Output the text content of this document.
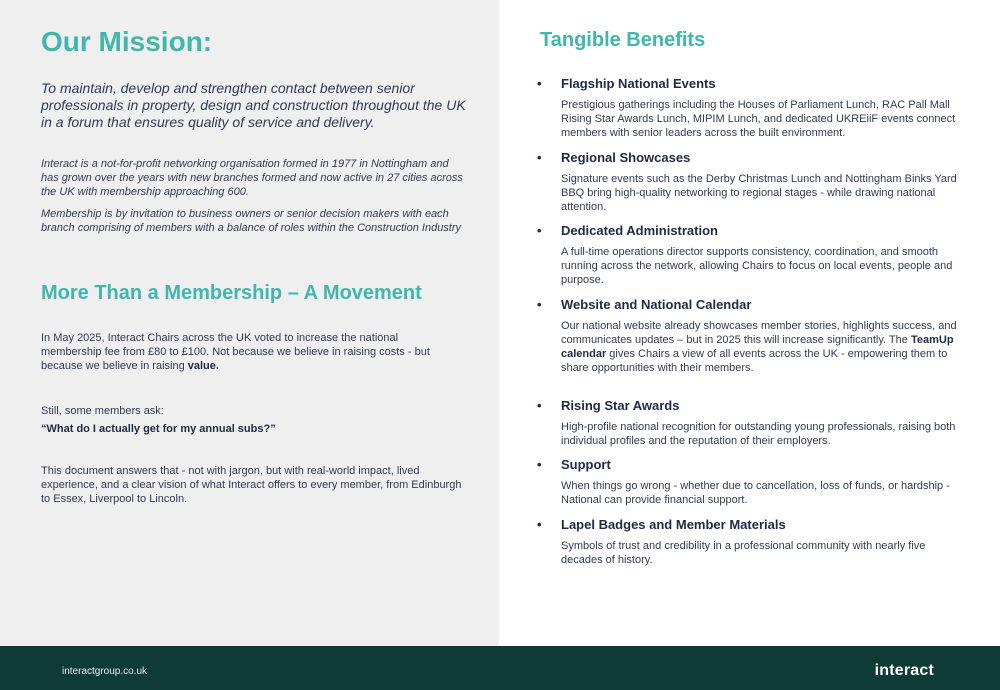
Our Mission:

To maintain, develop and strengthen contact between senior professionals in property, design and construction throughout the UK in a forum that ensures quality of service and delivery.

Interact is a not-for-profit networking organisation formed in 1977 in Nottingham and has grown over the years with new branches formed and now active in 27 cities across the UK with membership approaching 600.

Membership is by invitation to business owners or senior decision makers with each branch comprising of members with a balance of roles within the Construction Industry

More Than a Membership – A Movement

In May 2025, Interact Chairs across the UK voted to increase the national membership fee from £80 to £100. Not because we believe in raising costs - but because we believe in raising value.

Still, some members ask:

“What do I actually get for my annual subs?”

This document answers that - not with jargon, but with real-world impact, lived experience, and a clear vision of what Interact offers to every member, from Edinburgh to Essex, Liverpool to Lincoln.

Tangible Benefits
• Flagship National Events

Prestigious gatherings including the Houses of Parliament Lunch, RAC Pall Mall Rising Star Awards Lunch, MIPIM Lunch, and dedicated UKREiiF events connect members with senior leaders across the built environment.

• Regional Showcases

Signature events such as the Derby Christmas Lunch and Nottingham Binks Yard BBQ bring high-quality networking to regional stages - while drawing national attention.

• Dedicated Administration

A full-time operations director supports consistency, coordination, and smooth running across the network, allowing Chairs to focus on local events, people and purpose.

• Website and National Calendar

Our national website already showcases member stories, highlights success, and communicates updates – but in 2025 this will increase significantly. The TeamUp calendar gives Chairs a view of all events across the UK - empowering them to share opportunities with their members.

• Rising Star Awards

High-profile national recognition for outstanding young professionals, raising both individual profiles and the reputation of their employers.

• Support

When things go wrong - whether due to cancellation, loss of funds, or hardship - National can provide financial support.

• Lapel Badges and Member Materials

Symbols of trust and credibility in a professional community with nearly five decades of history.

interactgroup.co.uk	interact
